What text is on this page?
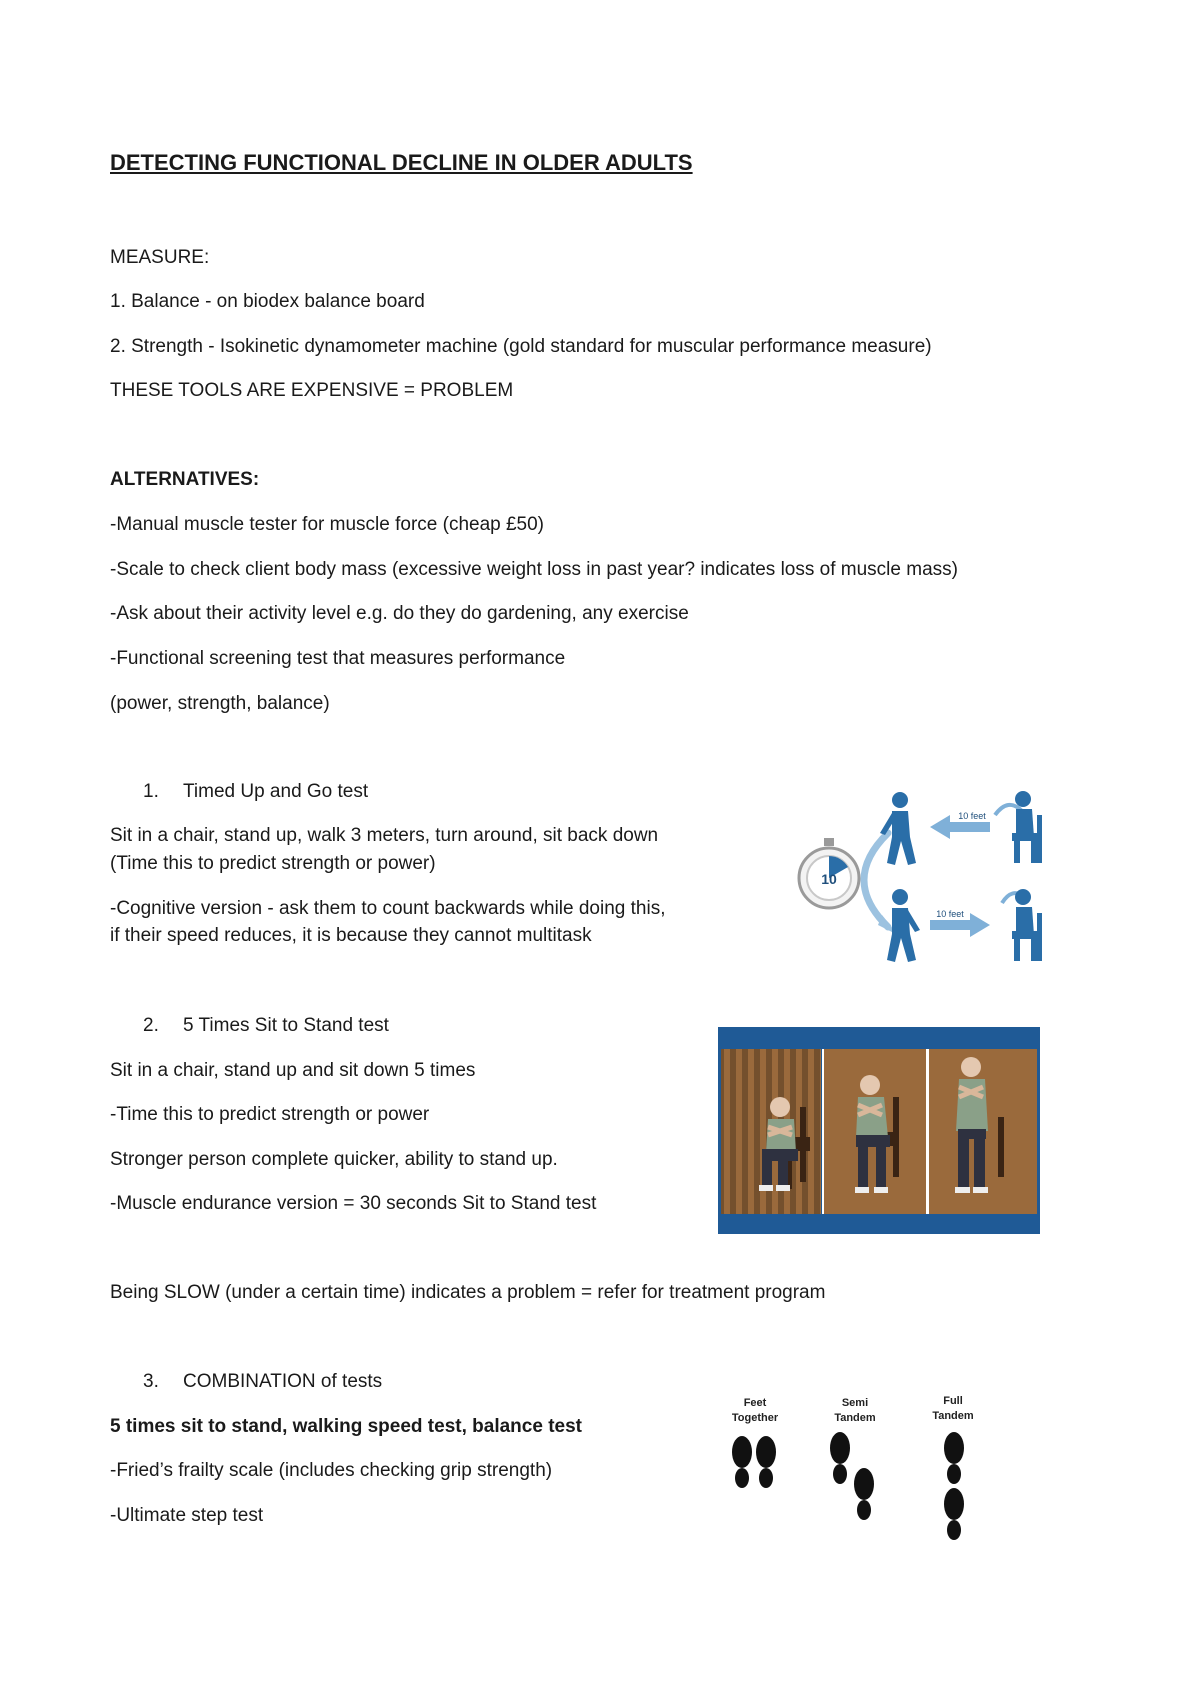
DETECTING FUNCTIONAL DECLINE IN OLDER ADULTS
MEASURE:
1. Balance - on biodex balance board
2. Strength - Isokinetic dynamometer machine (gold standard for muscular performance measure)
THESE TOOLS ARE EXPENSIVE = PROBLEM
ALTERNATIVES:
-Manual muscle tester for muscle force (cheap £50)
-Scale to check client body mass (excessive weight loss in past year? indicates loss of muscle mass)
-Ask about their activity level e.g. do they do gardening, any exercise
-Functional screening test that measures performance
(power, strength, balance)
1. Timed Up and Go test
Sit in a chair, stand up, walk 3 meters, turn around, sit back down
(Time this to predict strength or power)
-Cognitive version - ask them to count backwards while doing this,
if their speed reduces, it is because they cannot multitask
10
10 feet
10 feet
2. 5 Times Sit to Stand test
Sit in a chair, stand up and sit down 5 times
-Time this to predict strength or power
Stronger person complete quicker, ability to stand up.
-Muscle endurance version = 30 seconds Sit to Stand test
Being SLOW (under a certain time) indicates a problem = refer for treatment program
3. COMBINATION of tests
5 times sit to stand, walking speed test, balance test
-Fried’s frailty scale (includes checking grip strength)
-Ultimate step test
Feet
Together
Semi
Tandem
Full
Tandem
